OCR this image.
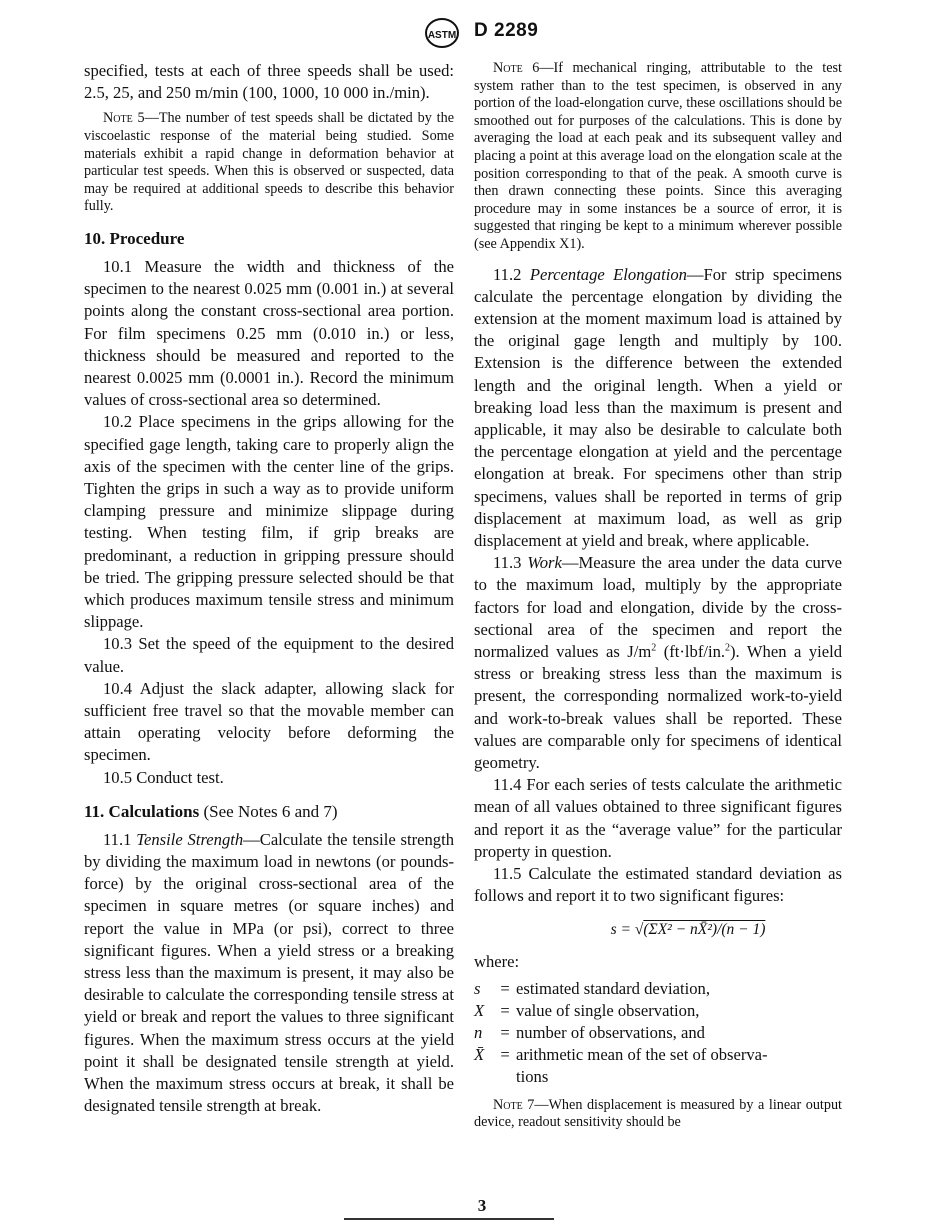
ASTM D 2289

specified, tests at each of three speeds shall be used: 2.5, 25, and 250 m/min (100, 1000, 10 000 in./min).

Note 5—The number of test speeds shall be dictated by the viscoelastic response of the material being studied. Some materials exhibit a rapid change in deformation behavior at particular test speeds. When this is observed or suspected, data may be required at additional speeds to describe this behavior fully.

10. Procedure

10.1 Measure the width and thickness of the specimen to the nearest 0.025 mm (0.001 in.) at several points along the constant cross-sectional area portion. For film specimens 0.25 mm (0.010 in.) or less, thickness should be measured and reported to the nearest 0.0025 mm (0.0001 in.). Record the minimum values of cross-sectional area so determined.

10.2 Place specimens in the grips allowing for the specified gage length, taking care to properly align the axis of the specimen with the center line of the grips. Tighten the grips in such a way as to provide uniform clamping pressure and minimize slippage during testing. When testing film, if grip breaks are predominant, a reduction in gripping pressure should be tried. The gripping pressure selected should be that which produces maximum tensile stress and minimum slippage.

10.3 Set the speed of the equipment to the desired value.

10.4 Adjust the slack adapter, allowing slack for sufficient free travel so that the movable member can attain operating velocity before deforming the specimen.

10.5 Conduct test.

11. Calculations (See Notes 6 and 7)

11.1 Tensile Strength—Calculate the tensile strength by dividing the maximum load in newtons (or pounds-force) by the original cross-sectional area of the specimen in square metres (or square inches) and report the value in MPa (or psi), correct to three significant figures. When a yield stress or a breaking stress less than the maximum is present, it may also be desirable to calculate the corresponding tensile stress at yield or break and report the values to three significant figures. When the maximum stress occurs at the yield point it shall be designated tensile strength at yield. When the maximum stress occurs at break, it shall be designated tensile strength at break.

Note 6—If mechanical ringing, attributable to the test system rather than to the test specimen, is observed in any portion of the load-elongation curve, these oscillations should be smoothed out for purposes of the calculations. This is done by averaging the load at each peak and its subsequent valley and placing a point at this average load on the elongation scale at the position corresponding to that of the peak. A smooth curve is then drawn connecting these points. Since this averaging procedure may in some instances be a source of error, it is suggested that ringing be kept to a minimum wherever possible (see Appendix X1).

11.2 Percentage Elongation—For strip specimens calculate the percentage elongation by dividing the extension at the moment maximum load is attained by the original gage length and multiply by 100. Extension is the difference between the extended length and the original length. When a yield or breaking load less than the maximum is present and applicable, it may also be desirable to calculate both the percentage elongation at yield and the percentage elongation at break. For specimens other than strip specimens, values shall be reported in terms of grip displacement at maximum load, as well as grip displacement at yield and break, where applicable.

11.3 Work—Measure the area under the data curve to the maximum load, multiply by the appropriate factors for load and elongation, divide by the cross-sectional area of the specimen and report the normalized values as $J/m^2$ (ft·lbf/in.$^2$). When a yield stress or breaking stress less than the maximum is present, the corresponding normalized work-to-yield and work-to-break values shall be reported. These values are comparable only for specimens of identical geometry.

11.4 For each series of tests calculate the arithmetic mean of all values obtained to three significant figures and report it as the “average value” for the particular property in question.

11.5 Calculate the estimated standard deviation as follows and report it to two significant figures:

s = √(ΣX² − nX̄²)/(n − 1)

where:

s	= estimated standard deviation,
X = value of single observation,
n	= number of observations, and
X̄ = arithmetic mean of the set of observa-
tions

Note 7—When displacement is measured by a linear output device, readout sensitivity should be

3
